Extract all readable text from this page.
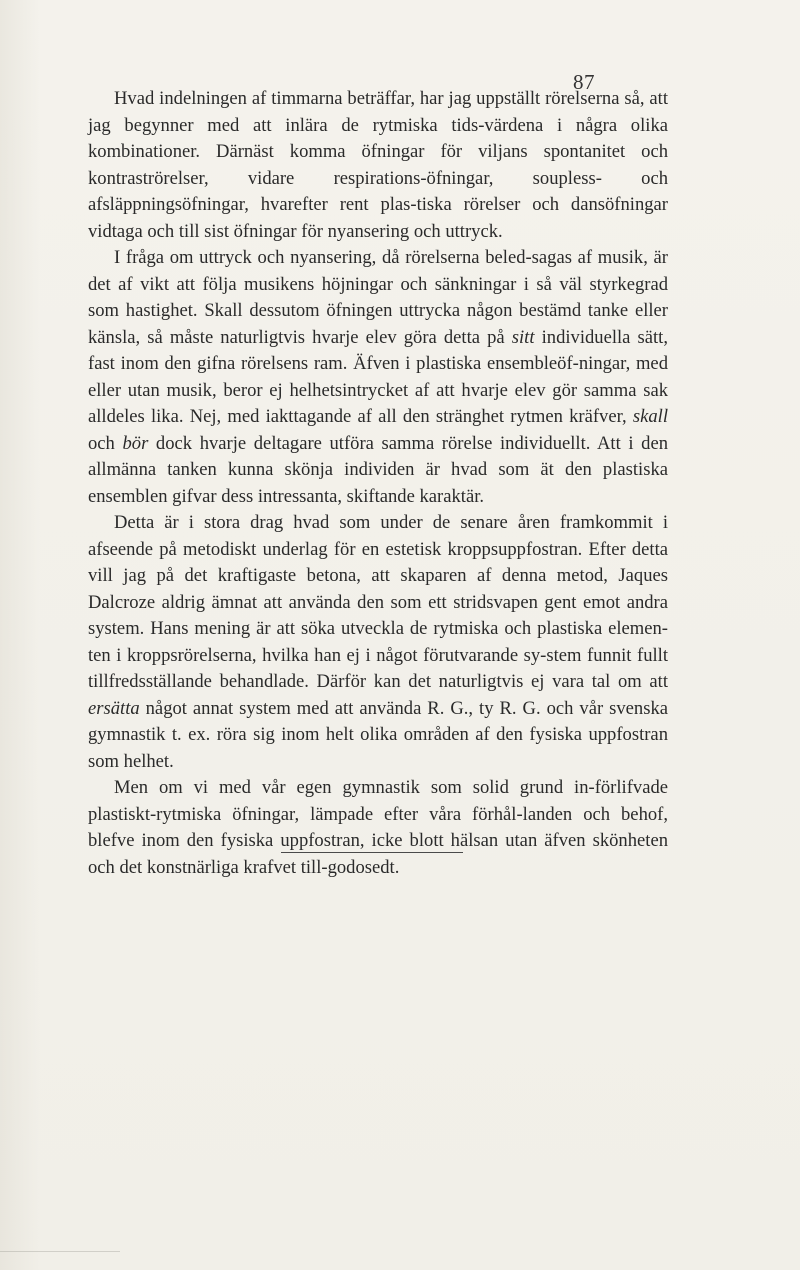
87

Hvad indelningen af timmarna beträffar, har jag uppställt rörelserna så, att jag begynner med att inlära de rytmiska tids-värdena i några olika kombinationer. Därnäst komma öfningar för viljans spontanitet och kontraströrelser, vidare respirations-öfningar, soupless- och afsläppningsöfningar, hvarefter rent plas-tiska rörelser och dansöfningar vidtaga och till sist öfningar för nyansering och uttryck.

I fråga om uttryck och nyansering, då rörelserna beled-sagas af musik, är det af vikt att följa musikens höjningar och sänkningar i så väl styrkegrad som hastighet. Skall dessutom öfningen uttrycka någon bestämd tanke eller känsla, så måste naturligtvis hvarje elev göra detta på sitt individuella sätt, fast inom den gifna rörelsens ram. Äfven i plastiska ensembleöf-ningar, med eller utan musik, beror ej helhetsintrycket af att hvarje elev gör samma sak alldeles lika. Nej, med iakttagande af all den stränghet rytmen kräfver, skall och bör dock hvarje deltagare utföra samma rörelse individuellt. Att i den allmänna tanken kunna skönja individen är hvad som ät den plastiska ensemblen gifvar dess intressanta, skiftande karaktär.

Detta är i stora drag hvad som under de senare åren framkommit i afseende på metodiskt underlag för en estetisk kroppsuppfostran. Efter detta vill jag på det kraftigaste betona, att skaparen af denna metod, Jaques Dalcroze aldrig ämnat att använda den som ett stridsvapen gent emot andra system. Hans mening är att söka utveckla de rytmiska och plastiska elemen-ten i kroppsrörelserna, hvilka han ej i något förutvarande sy-stem funnit fullt tillfredsställande behandlade. Därför kan det naturligtvis ej vara tal om att ersätta något annat system med att använda R. G., ty R. G. och vår svenska gymnastik t. ex. röra sig inom helt olika områden af den fysiska uppfostran som helhet.

Men om vi med vår egen gymnastik som solid grund in-förlifvade plastiskt-rytmiska öfningar, lämpade efter våra förhål-landen och behof, blefve inom den fysiska uppfostran, icke blott hälsan utan äfven skönheten och det konstnärliga krafvet till-godosedt.
